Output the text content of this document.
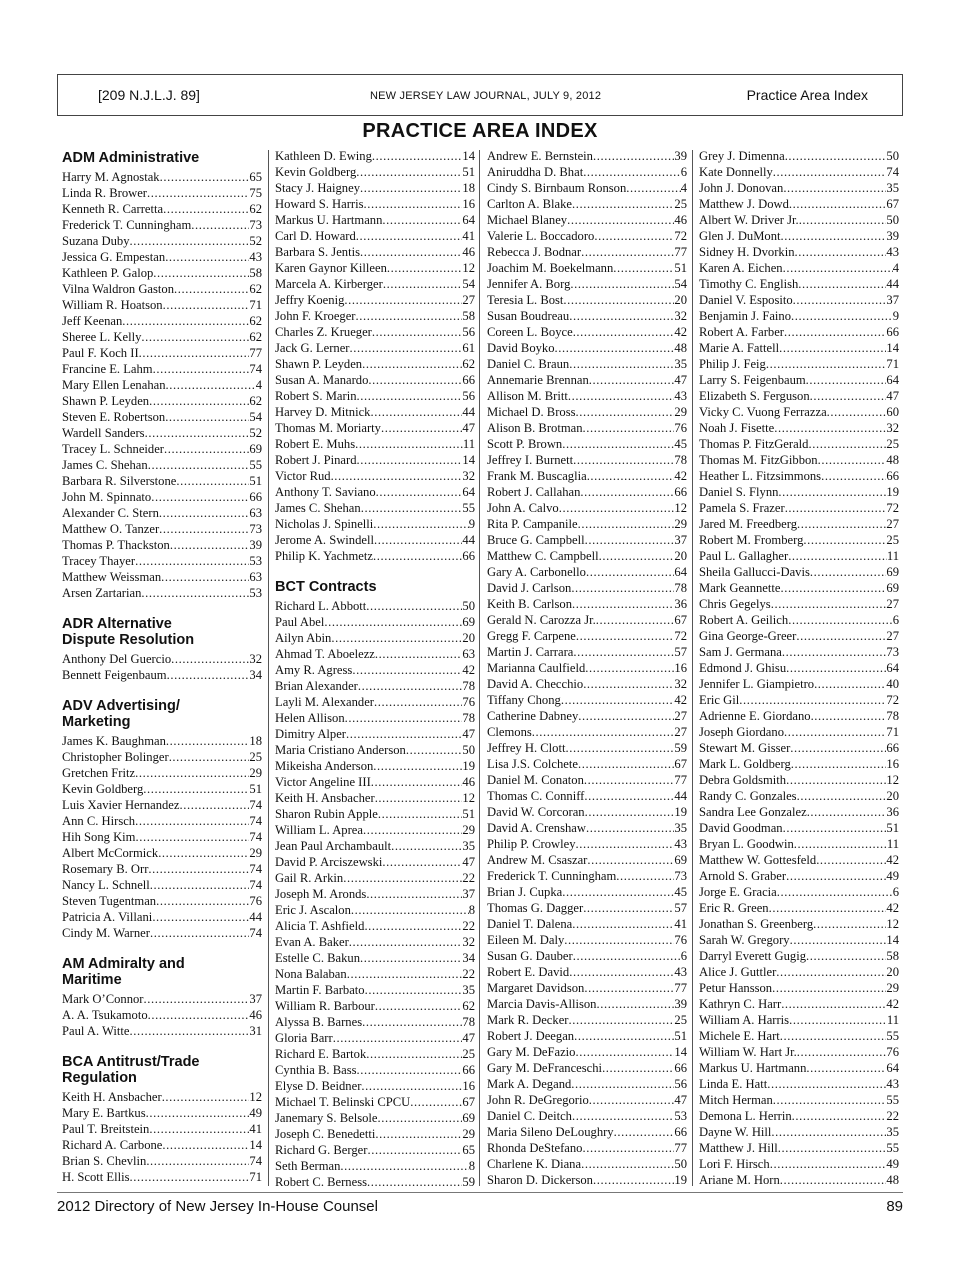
[209 N.J.L.J. 89]	NEW JERSEY LAW JOURNAL, JULY 9, 2012	Practice Area Index
PRACTICE AREA INDEX
ADM Administrative
Harry M. Agnostak .....	65
Linda R. Brower .....	75
Kenneth R. Carretta .....	62
Frederick T. Cunningham .....	73
Suzana Duby .....	52
Jessica G. Empestan .....	43
Kathleen P. Galop .....	58
Vilna Waldron Gaston .....	62
William R. Hoatson .....	71
Jeff Keenan .....	62
Sheree L. Kelly .....	62
Paul F. Koch II .....	77
Francine E. Lahm .....	74
Mary Ellen Lenahan .....	4
Shawn P. Leyden .....	62
Steven E. Robertson .....	54
Wardell Sanders .....	52
Tracey L. Schneider .....	69
James C. Shehan .....	55
Barbara R. Silverstone .....	51
John M. Spinnato .....	66
Alexander C. Stern .....	63
Matthew O. Tanzer .....	73
Thomas P. Thackston .....	39
Tracey Thayer .....	53
Matthew Weissman .....	63
Arsen Zartarian .....	53
ADR Alternative
Dispute Resolution
Anthony Del Guercio .....	32
Bennett Feigenbaum .....	34
ADV Advertising/
Marketing
James K. Baughman .....	18
Christopher Bolinger .....	25
Gretchen Fritz .....	29
Kevin Goldberg .....	51
Luis Xavier Hernandez .....	74
Ann C. Hirsch .....	74
Hih Song Kim .....	74
Albert McCormick .....	29
Rosemary B. Orr .....	74
Nancy L. Schnell .....	74
Steven Tugentman .....	76
Patricia A. Villani .....	44
Cindy M. Warner .....	74
AM Admiralty and
Maritime
Mark O’Connor .....	37
A. A. Tsukamoto .....	46
Paul A. Witte .....	31
BCA Antitrust/Trade
Regulation
Keith H. Ansbacher .....	12
Mary E. Bartkus .....	49
Paul T. Breitstein .....	41
Richard A. Carbone .....	14
Brian S. Chevlin .....	74
H. Scott Ellis .....	71
Kathleen D. Ewing .....	14
Kevin Goldberg .....	51
Stacy J. Haigney .....	18
Howard S. Harris .....	16
Markus U. Hartmann .....	64
Carl D. Howard .....	41
Barbara S. Jentis .....	46
Karen Gaynor Killeen .....	12
Marcela A. Kirberger .....	54
Jeffry Koenig .....	27
John F. Kroeger .....	58
Charles Z. Krueger .....	56
Jack G. Lerner .....	61
Shawn P. Leyden .....	62
Susan A. Manardo .....	66
Robert S. Marin .....	56
Harvey D. Mitnick .....	44
Thomas M. Moriarty .....	47
Robert E. Muhs .....	11
Robert J. Pinard .....	14
Victor Rud .....	32
Anthony T. Saviano .....	64
James C. Shehan .....	55
Nicholas J. Spinelli .....	9
Jerome A. Swindell .....	44
Philip K. Yachmetz .....	66
BCT Contracts
Richard L. Abbott .....	50
Paul Abel .....	69
Ailyn Abin .....	20
Ahmad T. Aboelezz .....	63
Amy R. Agress .....	42
Brian Alexander .....	78
Layli M. Alexander .....	76
Helen Allison .....	78
Dimitry Alper .....	47
Maria Cristiano Anderson .....	50
Mikeisha Anderson .....	19
Victor Angeline III .....	46
Keith H. Ansbacher .....	12
Sharon Rubin Apple .....	51
William L. Aprea .....	29
Jean Paul Archambault .....	35
David P. Arciszewski .....	47
Gail R. Arkin .....	22
Joseph M. Aronds .....	37
Eric J. Ascalon .....	8
Alicia T. Ashfield .....	22
Evan A. Baker .....	32
Estelle C. Bakun .....	34
Nona Balaban .....	22
Martin F. Barbato .....	35
William R. Barbour .....	62
Alyssa B. Barnes .....	78
Gloria Barr .....	47
Richard E. Bartok .....	25
Cynthia B. Bass .....	66
Elyse D. Beidner .....	16
Michael T. Belinski CPCU .....	67
Janemary S. Belsole .....	69
Joseph C. Benedetti .....	29
Richard G. Berger .....	65
Seth Berman .....	8
Robert C. Berness .....	59
Andrew E. Bernstein .....	39
Aniruddha D. Bhat .....	6
Cindy S. Birnbaum Ronson .....	4
Carlton A. Blake .....	25
Michael Blaney .....	46
Valerie L. Boccadoro .....	72
Rebecca J. Bodnar .....	77
Joachim M. Boekelmann .....	51
Jennifer A. Borg .....	54
Teresia L. Bost .....	20
Susan Boudreau .....	32
Coreen L. Boyce .....	42
David Boyko .....	48
Daniel C. Braun .....	35
Annemarie Brennan .....	47
Allison M. Britt .....	43
Michael D. Bross .....	29
Alison B. Brotman .....	76
Scott P. Brown .....	45
Jeffrey I. Burnett .....	78
Frank M. Buscaglia .....	42
Robert J. Callahan .....	66
John A. Calvo .....	12
Rita P. Campanile .....	29
Bruce G. Campbell .....	37
Matthew C. Campbell .....	20
Gary A. Carbonello .....	64
David J. Carlson .....	78
Keith B. Carlson .....	36
Gerald N. Carozza Jr. .....	67
Gregg F. Carpene .....	72
Martin J. Carrara .....	57
Marianna Caulfield .....	16
David A. Checchio .....	32
Tiffany Chong .....	42
Catherine Dabney .....	27
Clemons .....	27
Jeffrey H. Clott .....	59
Lisa J.S. Colchete .....	67
Daniel M. Conaton .....	77
Thomas C. Conniff .....	44
David W. Corcoran .....	19
David A. Crenshaw .....	35
Philip P. Crowley .....	43
Andrew M. Csaszar .....	69
Frederick T. Cunningham .....	73
Brian J. Cupka .....	45
Thomas G. Dagger .....	57
Daniel T. Dalena .....	41
Eileen M. Daly .....	76
Susan G. Dauber .....	6
Robert E. David .....	43
Margaret Davidson .....	77
Marcia Davis-Allison .....	39
Mark R. Decker .....	25
Robert J. Deegan .....	51
Gary M. DeFazio .....	14
Gary M. DeFranceschi .....	66
Mark A. Degand .....	56
John R. DeGregorio .....	47
Daniel C. Deitch .....	53
Maria Sileno DeLoughry .....	66
Rhonda DeStefano .....	77
Charlene K. Diana .....	50
Sharon D. Dickerson .....	19
Grey J. Dimenna .....	50
Kate Donnelly .....	74
John J. Donovan .....	35
Matthew J. Dowd .....	67
Albert W. Driver Jr. .....	50
Glen J. DuMont .....	39
Sidney H. Dvorkin .....	43
Karen A. Eichen .....	4
Timothy C. English .....	44
Daniel V. Esposito .....	37
Benjamin J. Faino .....	9
Robert A. Farber .....	66
Marie A. Fattell .....	14
Philip J. Feig .....	71
Larry S. Feigenbaum .....	64
Elizabeth S. Ferguson .....	47
Vicky C. Vuong Ferrazza .....	60
Noah J. Fisette .....	32
Thomas P. FitzGerald .....	25
Thomas M. FitzGibbon .....	48
Heather L. Fitzsimmons .....	66
Daniel S. Flynn .....	19
Pamela S. Frazer .....	72
Jared M. Freedberg .....	27
Robert M. Fromberg .....	25
Paul L. Gallagher .....	11
Sheila Gallucci-Davis .....	69
Mark Geannette .....	69
Chris Gegelys .....	27
Robert A. Geilich .....	6
Gina George-Greer .....	27
Sam J. Germana .....	73
Edmond J. Ghisu .....	64
Jennifer L. Giampietro .....	40
Eric Gil .....	72
Adrienne E. Giordano .....	78
Joseph Giordano .....	71
Stewart M. Gisser .....	66
Mark L. Goldberg .....	16
Debra Goldsmith .....	12
Randy C. Gonzales .....	20
Sandra Lee Gonzalez .....	36
David Goodman .....	51
Bryan L. Goodwin .....	11
Matthew W. Gottesfeld .....	42
Arnold S. Graber .....	49
Jorge E. Gracia .....	6
Eric R. Green .....	42
Jonathan S. Greenberg .....	12
Sarah W. Gregory .....	14
Darryl Everett Gugig .....	58
Alice J. Guttler .....	20
Petur Hansson .....	29
Kathryn C. Harr .....	42
William A. Harris .....	11
Michele E. Hart .....	55
William W. Hart Jr. .....	76
Markus U. Hartmann .....	64
Linda E. Hatt .....	43
Mitch Herman .....	55
Demona L. Herrin .....	22
Dayne W. Hill .....	35
Matthew J. Hill .....	55
Lori F. Hirsch .....	49
Ariane M. Horn .....	48
2012 Directory of New Jersey In-House Counsel	89
